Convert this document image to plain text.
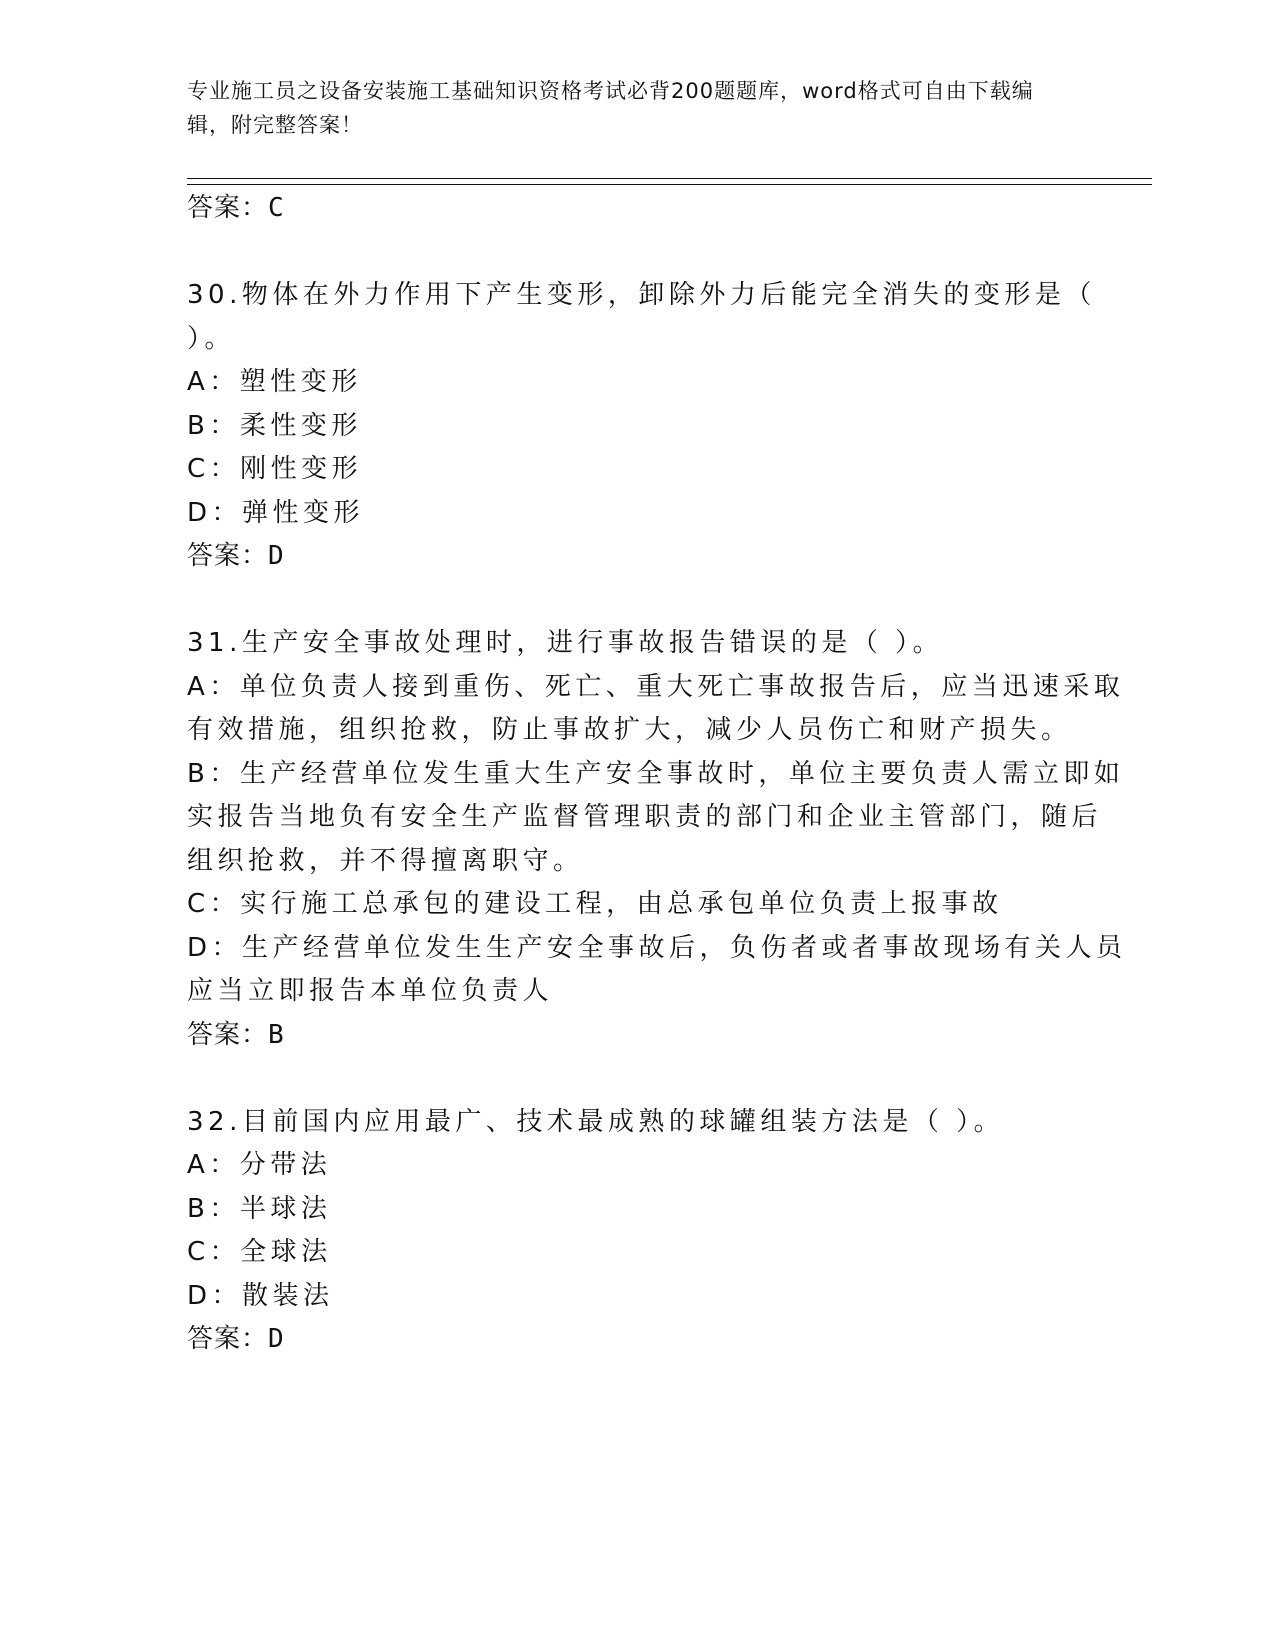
专业施工员之设备安装施工基础知识资格考试必背200题题库，word格式可自由下载编辑，附完整答案！
答案：C
30.物体在外力作用下产生变形，卸除外力后能完全消失的变形是（
）。
A：塑性变形
B：柔性变形
C：刚性变形
D：弹性变形
答案：D
31.生产安全事故处理时，进行事故报告错误的是（ ）。
A：单位负责人接到重伤、死亡、重大死亡事故报告后，应当迅速采取
有效措施，组织抢救，防止事故扩大，减少人员伤亡和财产损失。
B：生产经营单位发生重大生产安全事故时，单位主要负责人需立即如
实报告当地负有安全生产监督管理职责的部门和企业主管部门，随后
组织抢救，并不得擅离职守。
C：实行施工总承包的建设工程，由总承包单位负责上报事故
D：生产经营单位发生生产安全事故后，负伤者或者事故现场有关人员
应当立即报告本单位负责人
答案：B
32.目前国内应用最广、技术最成熟的球罐组装方法是（ ）。
A：分带法
B：半球法
C：全球法
D：散装法
答案：D
